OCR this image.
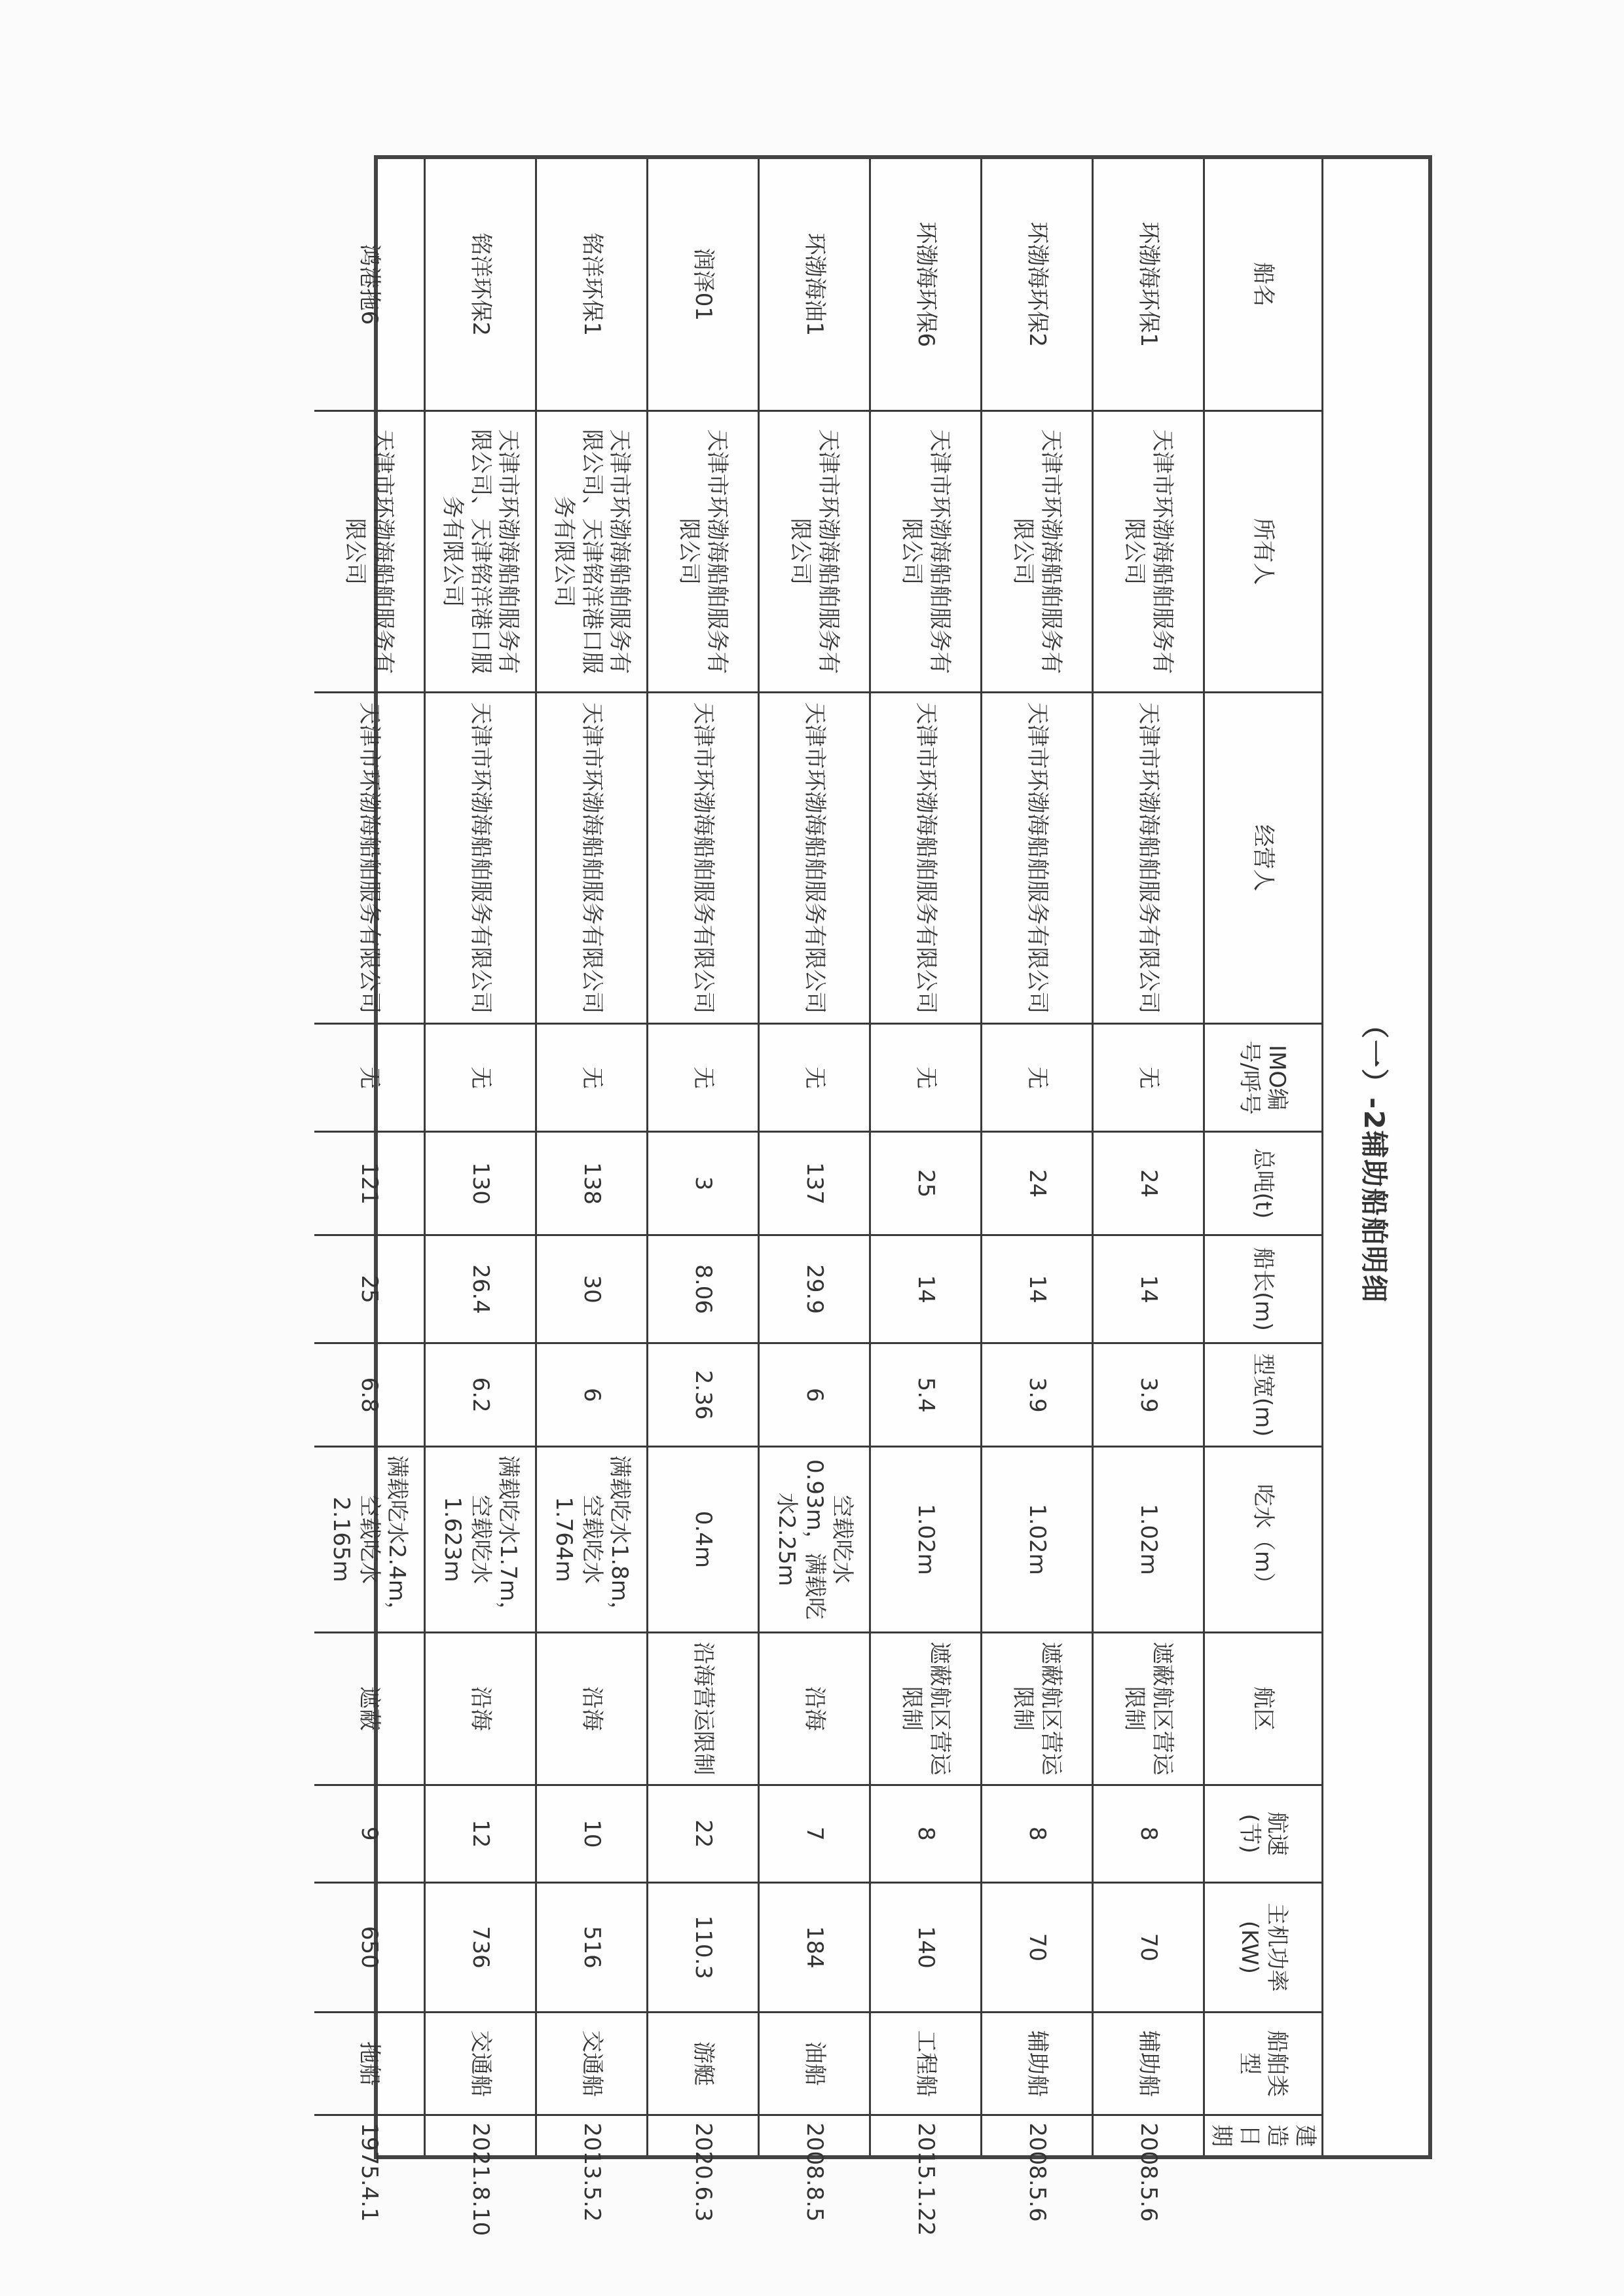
（一）-2辅助船舶明细
船名	所有人	经营人	IMO编号/呼号	总吨(t)	船长(m)	型宽(m)	吃水（m）	航区	航速(节)	主机功率(KW)	船舶类型	建造日期
环渤海环保1	天津市环渤海船舶服务有限公司	天津市环渤海船舶服务有限公司	无	24	14	3.9	1.02m	遮蔽航区营运限制	8	70	辅助船	2008.5.6
环渤海环保2	天津市环渤海船舶服务有限公司	天津市环渤海船舶服务有限公司	无	24	14	3.9	1.02m	遮蔽航区营运限制	8	70	辅助船	2008.5.6
环渤海环保6	天津市环渤海船舶服务有限公司	天津市环渤海船舶服务有限公司	无	25	14	5.4	1.02m	遮蔽航区营运限制	8	140	工程船	2015.1.22
环渤海油1	天津市环渤海船舶服务有限公司	天津市环渤海船舶服务有限公司	无	137	29.9	6	空载吃水0.93m，满载吃水2.25m	沿海	7	184	油船	2008.8.5
润泽01	天津市环渤海船舶服务有限公司	天津市环渤海船舶服务有限公司	无	3	8.06	2.36	0.4m	沿海营运限制	22	110.3	游艇	2020.6.3
铭洋环保1	天津市环渤海船舶服务有限公司、天津铭洋港口服务有限公司	天津市环渤海船舶服务有限公司	无	138	30	6	满载吃水1.8m，空载吃水1.764m	沿海	10	516	交通船	2013.5.2
铭洋环保2	天津市环渤海船舶服务有限公司、天津铭洋港口服务有限公司	天津市环渤海船舶服务有限公司	无	130	26.4	6.2	满载吃水1.7m，空载吃水1.623m	沿海	12	736	交通船	2021.8.10
鸿港拖6	天津市环渤海船舶服务有限公司	天津市环渤海船舶服务有限公司	无	121	25	6.8	满载吃水2.4m，空载吃水2.165m	遮蔽	9	650	拖船	1975.4.1
